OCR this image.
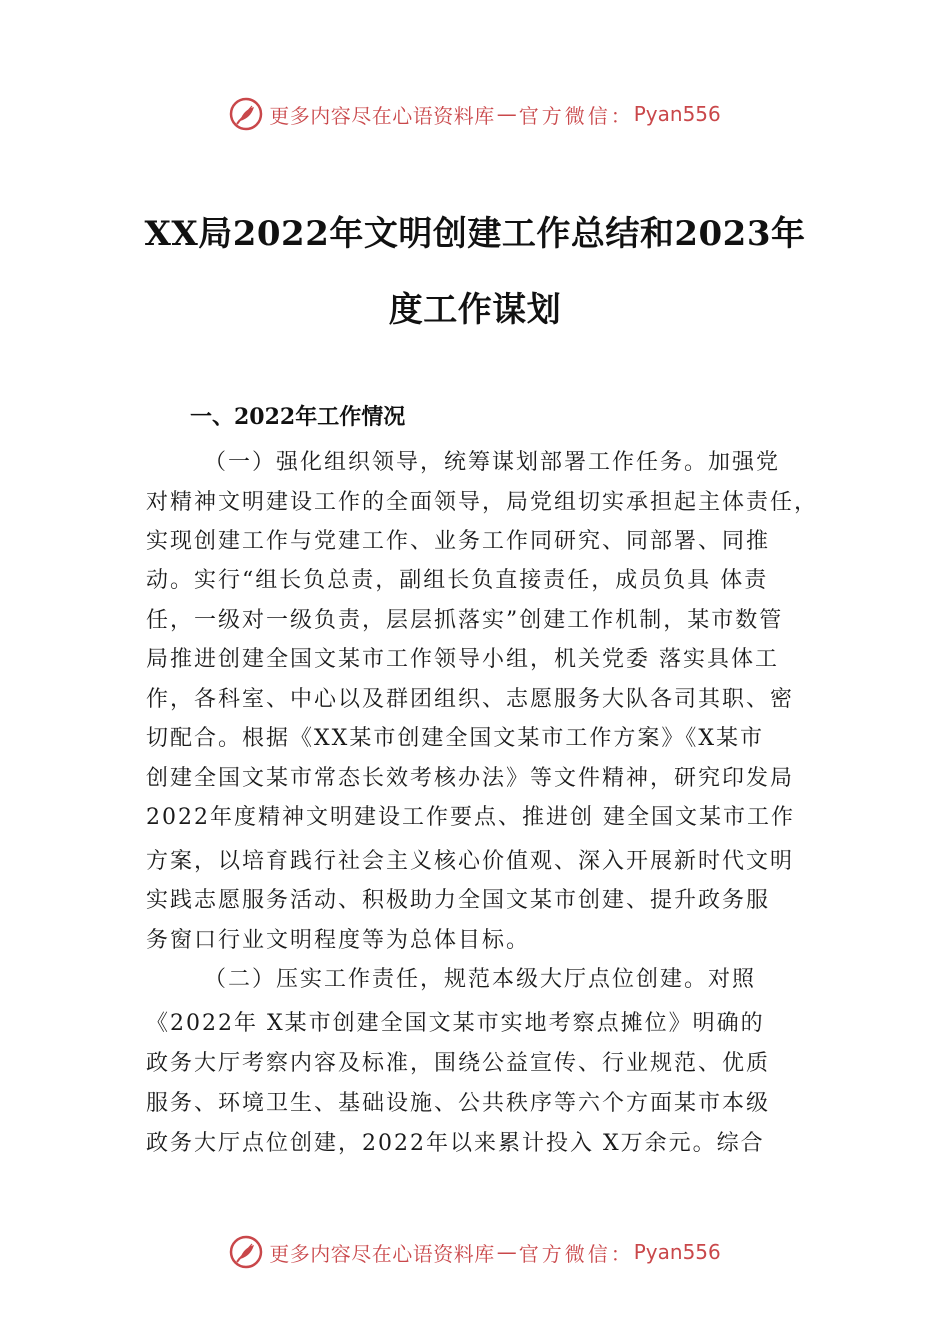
更多内容尽在心语资料库 — 官方微信： Pyan556
XX局2022年文明创建工作总结和2023年
度工作谋划
一、2022年工作情况
（一）强化组织领导，统筹谋划部署工作任务。加强党
对精神文明建设工作的全面领导，局党组切实承担起主体责任，
实现创建工作与党建工作、业务工作同研究、同部署、同推
动。实行“组长负总责，副组长负直接责任，成员负具 体责
任，一级对一级负责，层层抓落实”创建工作机制，某市数管
局推进创建全国文某市工作领导小组，机关党委 落实具体工
作，各科室、中心以及群团组织、志愿服务大队各司其职、密
切配合。根据《XX某市创建全国文某市工作方案》《X某市
创建全国文某市常态长效考核办法》等文件精神，研究印发局
2022年度精神文明建设工作要点、推进创 建全国文某市工作
方案，以培育践行社会主义核心价值观、深入开展新时代文明
实践志愿服务活动、积极助力全国文某市创建、提升政务服
务窗口行业文明程度等为总体目标。
（二）压实工作责任，规范本级大厅点位创建。对照
《2022年 X某市创建全国文某市实地考察点摊位》明确的
政务大厅考察内容及标准，围绕公益宣传、行业规范、优质
服务、环境卫生、基础设施、公共秩序等六个方面某市本级
政务大厅点位创建，2022年以来累计投入 X万余元。综合
更多内容尽在心语资料库 — 官方微信： Pyan556
